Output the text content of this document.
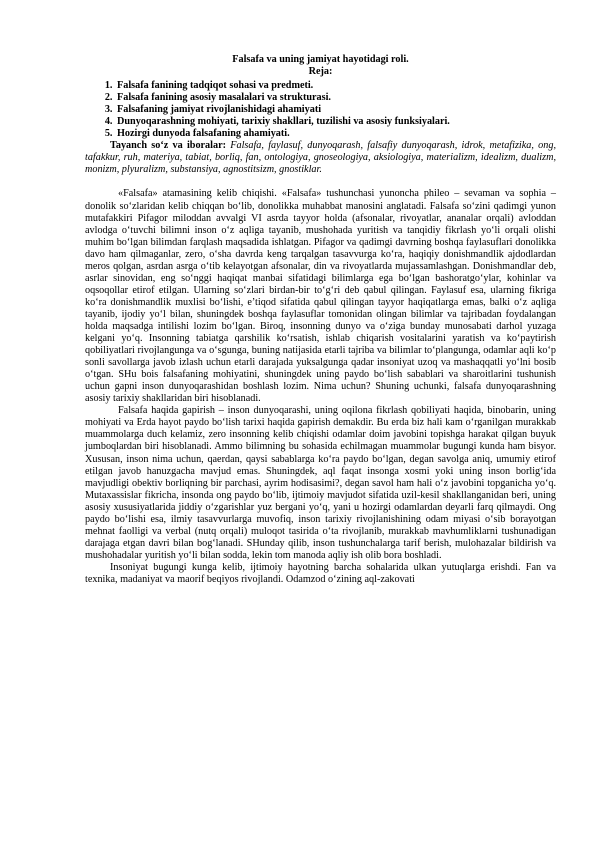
Falsafa va uning jamiyat hayotidagi roli.

Reja:

1. Falsafa fanining tadqiqot sohasi va predmeti.
2. Falsafa fanining asosiy masalalari va strukturasi.
3. Falsafaning jamiyat rivojlanishidagi ahamiyati
4. Dunyoqarashning mohiyati, tarixiy shakllari, tuzilishi va asosiy funksiyalari.
5. Hozirgi dunyoda falsafaning ahamiyati.

Tayanch so‘z va iboralar: Falsafa, faylasuf, dunyoqarash, falsafiy dunyoqarash, idrok, metafizika, ong, tafakkur, ruh, materiya, tabiat, borliq, fan, ontologiya, gnoseologiya, aksiologiya, materializm, idealizm, dualizm, monizm, plyuralizm, substansiya, agnostitsizm, gnostiklar.

«Falsafa» atamasining kelib chiqishi. «Falsafa» tushunchasi yunoncha phileo – sevaman va sophia – donolik so‘zlaridan kelib chiqqan bo‘lib, donolikka muhabbat manosini anglatadi. Falsafa so‘zini qadimgi yunon mutafakkiri Pifagor miloddan avvalgi VI asrda tayyor holda (afsonalar, rivoyatlar, ananalar orqali) avloddan avlodga o‘tuvchi bilimni inson o‘z aqliga tayanib, mushohada yuritish va tanqidiy fikrlash yo‘li orqali olishi muhim bo‘lgan bilimdan farqlash maqsadida ishlatgan. Pifagor va qadimgi davrning boshqa faylasuflari donolikka davo ham qilmaganlar, zero, o‘sha davrda keng tarqalgan tasavvurga ko‘ra, haqiqiy donishmandlik ajdodlardan meros qolgan, asrdan asrga o‘tib kelayotgan afsonalar, din va rivoyatlarda mujassamlashgan. Donishmandlar deb, asrlar sinovidan, eng so‘nggi haqiqat manbai sifatidagi bilimlarga ega bo‘lgan bashoratgo‘ylar, kohinlar va oqsoqollar etirof etilgan. Ularning so‘zlari birdan-bir to‘g‘ri deb qabul qilingan. Faylasuf esa, ularning fikriga ko‘ra donishmandlik muxlisi bo‘lishi, e’tiqod sifatida qabul qilingan tayyor haqiqatlarga emas, balki o‘z aqliga tayanib, ijodiy yo‘l bilan, shuningdek boshqa faylasuflar tomonidan olingan bilimlar va tajribadan foydalangan holda maqsadga intilishi lozim bo‘lgan. Biroq, insonning dunyo va o‘ziga bunday munosabati darhol yuzaga kelgani yo‘q. Insonning tabiatga qarshilik ko‘rsatish, ishlab chiqarish vositalarini yaratish va ko‘paytirish qobiliyatlari rivojlangunga va o‘sgunga, buning natijasida etarli tajriba va bilimlar to‘plangunga, odamlar aqli ko‘p sonli savollarga javob izlash uchun etarli darajada yuksalgunga qadar insoniyat uzoq va mashaqqatli yo‘lni bosib o‘tgan. SHu bois falsafaning mohiyatini, shuningdek uning paydo bo‘lish sabablari va sharoitlarini tushunish uchun gapni inson dunyoqarashidan boshlash lozim. Nima uchun? Shuning uchunki, falsafa dunyoqarashning asosiy tarixiy shakllaridan biri hisoblanadi.

Falsafa haqida gapirish – inson dunyoqarashi, uning oqilona fikrlash qobiliyati haqida, binobarin, uning mohiyati va Erda hayot paydo bo‘lish tarixi haqida gapirish demakdir. Bu erda biz hali kam o‘rganilgan murakkab muammolarga duch kelamiz, zero insonning kelib chiqishi odamlar doim javobini topishga harakat qilgan buyuk jumboqlardan biri hisoblanadi. Ammo bilimning bu sohasida echilmagan muammolar bugungi kunda ham bisyor. Xususan, inson nima uchun, qaerdan, qaysi sabablarga ko‘ra paydo bo‘lgan, degan savolga aniq, umumiy etirof etilgan javob hanuzgacha mavjud emas. Shuningdek, aql faqat insonga xosmi yoki uning inson borlig‘ida mavjudligi obektiv borliqning bir parchasi, ayrim hodisasimi?, degan savol ham hali o‘z javobini topganicha yo‘q. Mutaxassislar fikricha, insonda ong paydo bo‘lib, ijtimoiy mavjudot sifatida uzil-kesil shakllanganidan beri, uning asosiy xususiyatlarida jiddiy o‘zgarishlar yuz bergani yo‘q, yani u hozirgi odamlardan deyarli farq qilmaydi. Ong paydo bo‘lishi esa, ilmiy tasavvurlarga muvofiq, inson tarixiy rivojlanishining odam miyasi o‘sib borayotgan mehnat faolligi va verbal (nutq orqali) muloqot tasirida o‘ta rivojlanib, murakkab mavhumliklarni tushunadigan darajaga etgan davri bilan bog‘lanadi. SHunday qilib, inson tushunchalarga tarif berish, mulohazalar bildirish va mushohadalar yuritish yo‘li bilan sodda, lekin tom manoda aqliy ish olib bora boshladi.

Insoniyat bugungi kunga kelib, ijtimoiy hayotning barcha sohalarida ulkan yutuqlarga erishdi. Fan va texnika, madaniyat va maorif beqiyos rivojlandi. Odamzod o‘zining aql-zakovati
